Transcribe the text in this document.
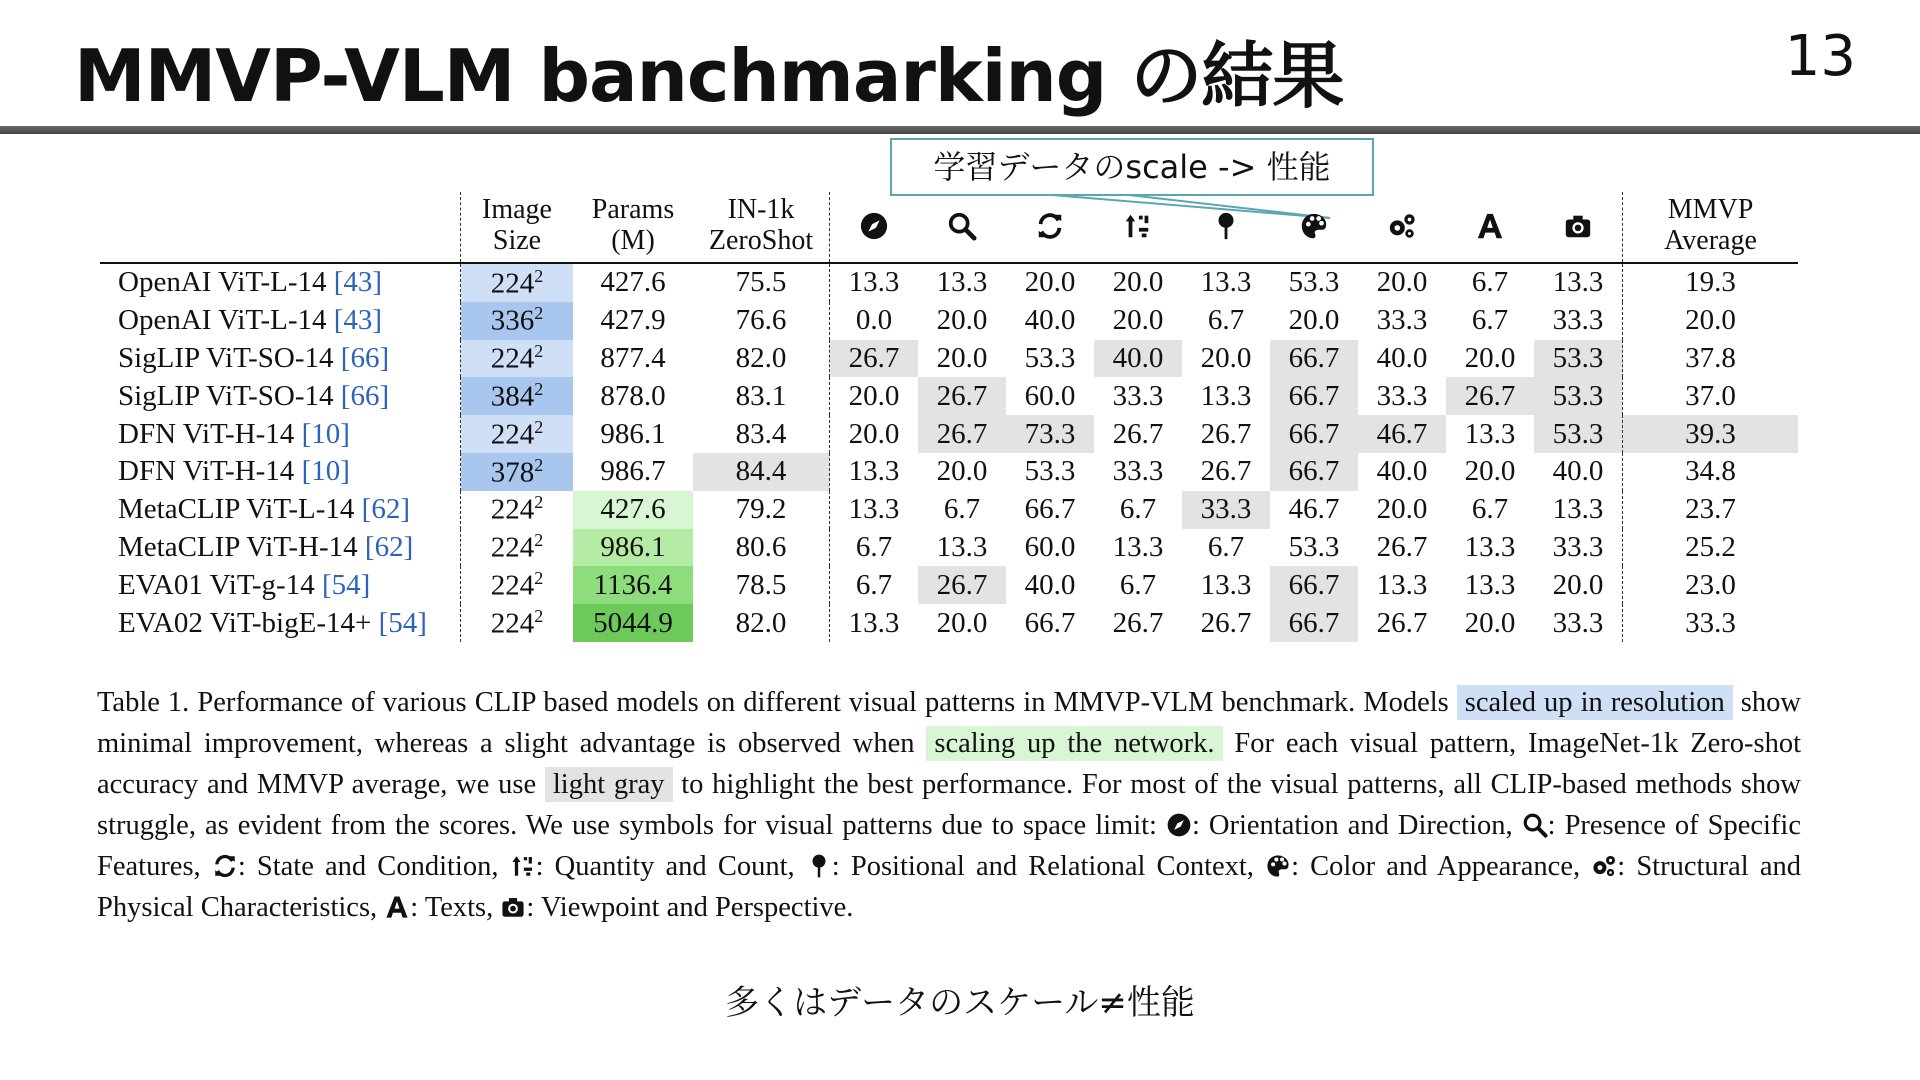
MMVP-VLM banchmarking の結果	13
学習データのscale -> 性能
	Image Size	Params (M)	IN-1k ZeroShot										MMVP Average
OpenAI ViT-L-14 [43]	$224^2$	427.6	75.5	13.3	13.3	20.0	20.0	13.3	53.3	20.0	6.7	13.3	19.3
OpenAI ViT-L-14 [43]	$336^2$	427.9	76.6	0.0	20.0	40.0	20.0	6.7	20.0	33.3	6.7	33.3	20.0
SigLIP ViT-SO-14 [66]	$224^2$	877.4	82.0	26.7	20.0	53.3	40.0	20.0	66.7	40.0	20.0	53.3	37.8
SigLIP ViT-SO-14 [66]	$384^2$	878.0	83.1	20.0	26.7	60.0	33.3	13.3	66.7	33.3	26.7	53.3	37.0
DFN ViT-H-14 [10]	$224^2$	986.1	83.4	20.0	26.7	73.3	26.7	26.7	66.7	46.7	13.3	53.3	39.3
DFN ViT-H-14 [10]	$378^2$	986.7	84.4	13.3	20.0	53.3	33.3	26.7	66.7	40.0	20.0	40.0	34.8
MetaCLIP ViT-L-14 [62]	$224^2$	427.6	79.2	13.3	6.7	66.7	6.7	33.3	46.7	20.0	6.7	13.3	23.7
MetaCLIP ViT-H-14 [62]	$224^2$	986.1	80.6	6.7	13.3	60.0	13.3	6.7	53.3	26.7	13.3	33.3	25.2
EVA01 ViT-g-14 [54]	$224^2$	1136.4	78.5	6.7	26.7	40.0	6.7	13.3	66.7	13.3	13.3	20.0	23.0
EVA02 ViT-bigE-14+ [54]	$224^2$	5044.9	82.0	13.3	20.0	66.7	26.7	26.7	66.7	26.7	20.0	33.3	33.3
Table 1. Performance of various CLIP based models on different visual patterns in MMVP-VLM benchmark. Models scaled up in resolution show minimal improvement, whereas a slight advantage is observed when scaling up the network. For each visual pattern, ImageNet-1k Zero-shot accuracy and MMVP average, we use light gray to highlight the best performance. For most of the visual patterns, all CLIP-based methods show struggle, as evident from the scores. We use symbols for visual patterns due to space limit: : Orientation and Direction, : Presence of Specific Features, : State and Condition, : Quantity and Count, : Positional and Relational Context, : Color and Appearance, : Structural and Physical Characteristics, : Texts, : Viewpoint and Perspective.
多くはデータのスケール≠性能
